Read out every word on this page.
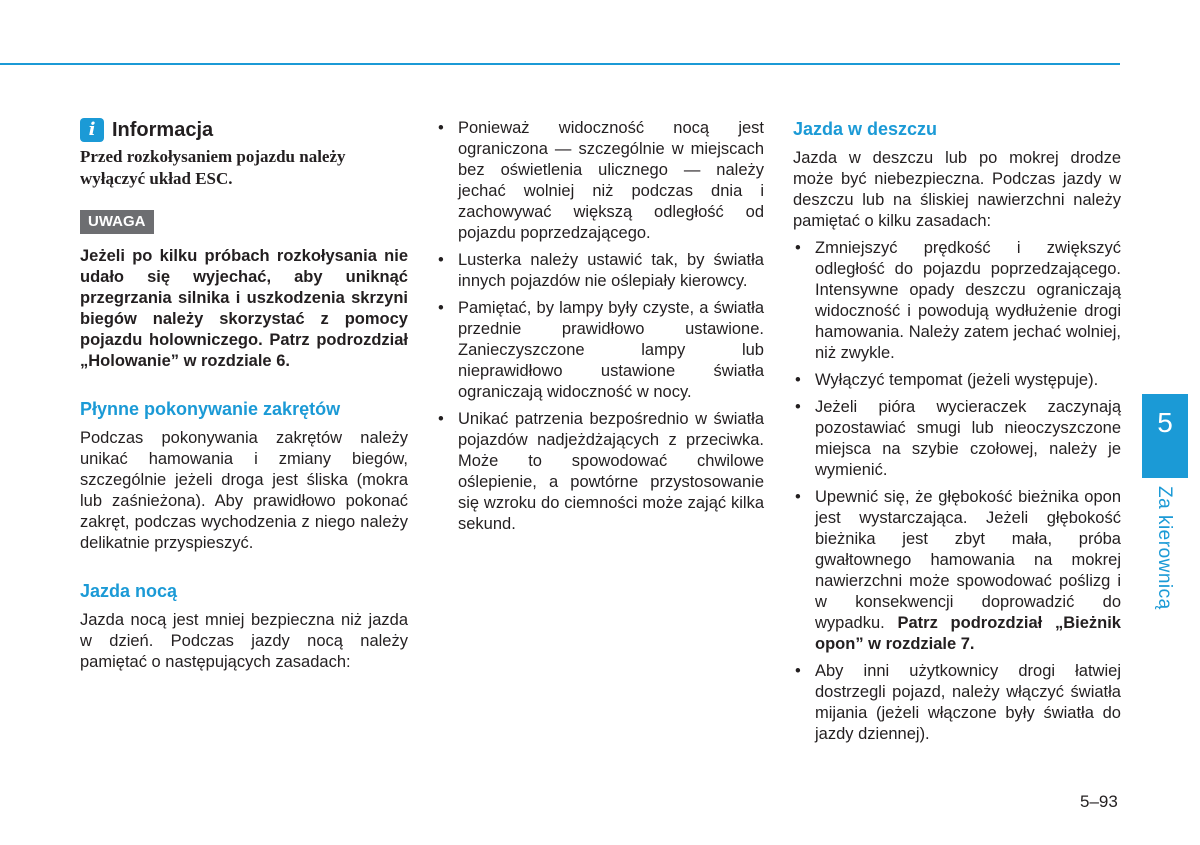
i Informacja

Przed rozkołysaniem pojazdu należy wyłączyć układ ESC.

UWAGA

Jeżeli po kilku próbach rozkołysania nie udało się wyjechać, aby uniknąć przegrzania silnika i uszkodzenia skrzyni biegów należy skorzystać z pomocy pojazdu holowniczego. Patrz podrozdział „Holowanie” w rozdziale 6.

Płynne pokonywanie zakrętów

Podczas pokonywania zakrętów należy unikać hamowania i zmiany biegów, szczególnie jeżeli droga jest śliska (mokra lub zaśnieżona). Aby prawidłowo pokonać zakręt, podczas wychodzenia z niego należy delikatnie przyspieszyć.

Jazda nocą

Jazda nocą jest mniej bezpieczna niż jazda w dzień. Podczas jazdy nocą należy pamiętać o następujących zasadach:

• Ponieważ widoczność nocą jest ograniczona — szczególnie w miejscach bez oświetlenia ulicznego — należy jechać wolniej niż podczas dnia i zachowywać większą odległość od pojazdu poprzedzającego.
• Lusterka należy ustawić tak, by światła innych pojazdów nie oślepiały kierowcy.
• Pamiętać, by lampy były czyste, a światła przednie prawidłowo ustawione. Zanieczyszczone lampy lub nieprawidłowo ustawione światła ograniczają widoczność w nocy.
• Unikać patrzenia bezpośrednio w światła pojazdów nadjeżdżających z przeciwka. Może to spowodować chwilowe oślepienie, a powtórne przystosowanie się wzroku do ciemności może zająć kilka sekund.
Jazda w deszczu

Jazda w deszczu lub po mokrej drodze może być niebezpieczna. Podczas jazdy w deszczu lub na śliskiej nawierzchni należy pamiętać o kilku zasadach:

• Zmniejszyć prędkość i zwiększyć odległość do pojazdu poprzedzającego. Intensywne opady deszczu ograniczają widoczność i powodują wydłużenie drogi hamowania. Należy zatem jechać wolniej, niż zwykle.
• Wyłączyć tempomat (jeżeli występuje).
• Jeżeli pióra wycieraczek zaczynają pozostawiać smugi lub nieoczyszczone miejsca na szybie czołowej, należy je wymienić.
• Upewnić się, że głębokość bieżnika opon jest wystarczająca. Jeżeli głębokość bieżnika jest zbyt mała, próba gwałtownego hamowania na mokrej nawierzchni może spowodować poślizg i w konsekwencji doprowadzić do wypadku. Patrz podrozdział „Bieżnik opon” w rozdziale 7.
• Aby inni użytkownicy drogi łatwiej dostrzegli pojazd, należy włączyć światła mijania (jeżeli włączone były światła do jazdy dziennej).
5
Za kierownicą
5–93
